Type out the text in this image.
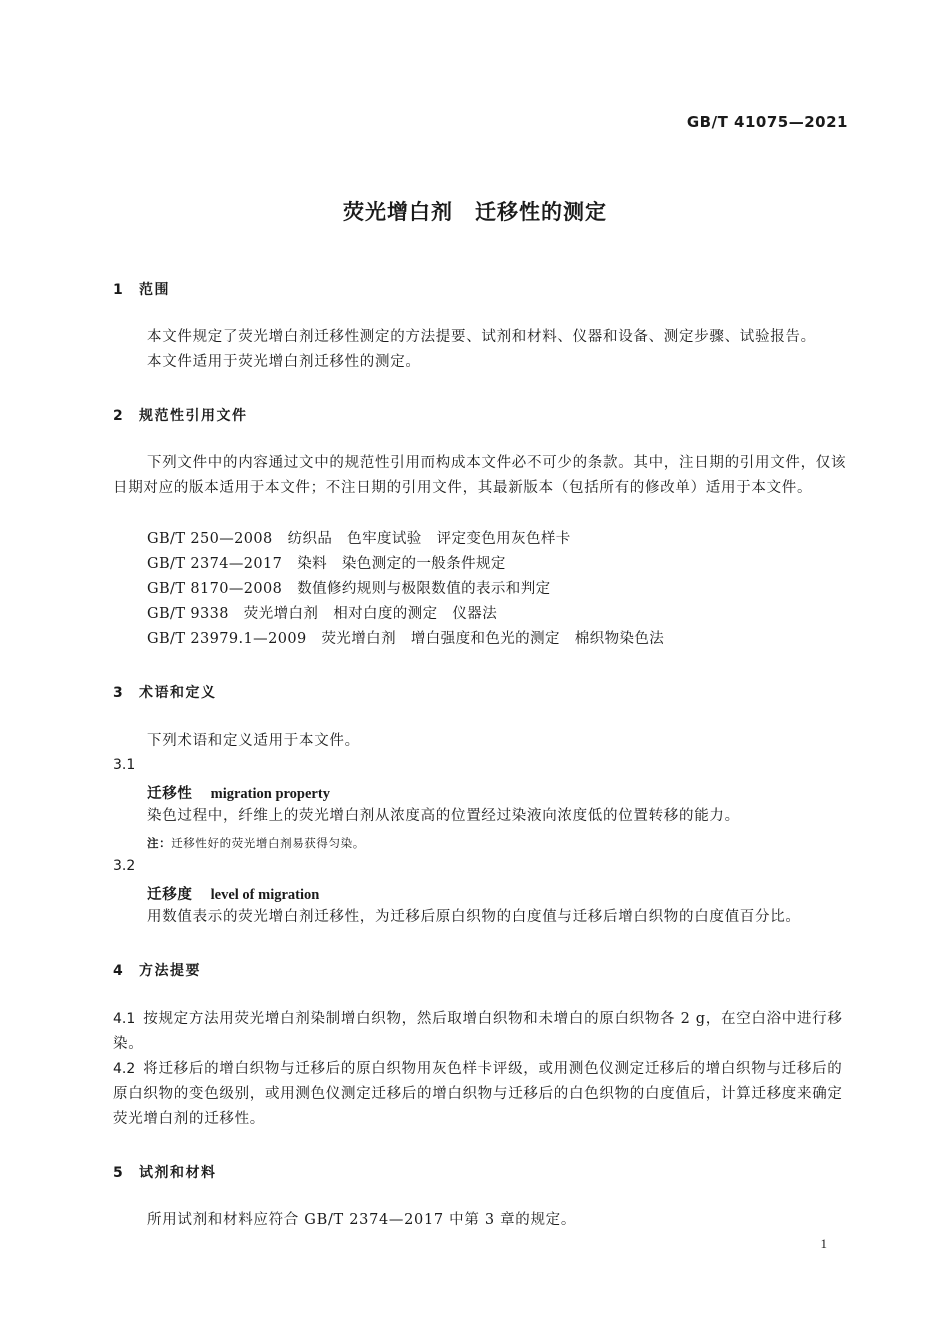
GB/T 41075—2021
荧光增白剂　迁移性的测定
1 范围
本文件规定了荧光增白剂迁移性测定的方法提要、试剂和材料、仪器和设备、测定步骤、试验报告。
本文件适用于荧光增白剂迁移性的测定。
2 规范性引用文件
下列文件中的内容通过文中的规范性引用而构成本文件必不可少的条款。其中，注日期的引用文件，仅该日期对应的版本适用于本文件；不注日期的引用文件，其最新版本（包括所有的修改单）适用于本文件。
GB/T 250—2008　纺织品　色牢度试验　评定变色用灰色样卡
GB/T 2374—2017　染料　染色测定的一般条件规定
GB/T 8170—2008　数值修约规则与极限数值的表示和判定
GB/T 9338　荧光增白剂　相对白度的测定　仪器法
GB/T 23979.1—2009　荧光增白剂　增白强度和色光的测定　棉织物染色法
3 术语和定义
下列术语和定义适用于本文件。
3.1
迁移性 migration property
染色过程中，纤维上的荧光增白剂从浓度高的位置经过染液向浓度低的位置转移的能力。
注：迁移性好的荧光增白剂易获得匀染。
3.2
迁移度 level of migration
用数值表示的荧光增白剂迁移性，为迁移后原白织物的白度值与迁移后增白织物的白度值百分比。
4 方法提要
4.1 按规定方法用荧光增白剂染制增白织物，然后取增白织物和未增白的原白织物各 2 g，在空白浴中进行移染。
4.2 将迁移后的增白织物与迁移后的原白织物用灰色样卡评级，或用测色仪测定迁移后的增白织物与迁移后的原白织物的变色级别，或用测色仪测定迁移后的增白织物与迁移后的白色织物的白度值后，计算迁移度来确定荧光增白剂的迁移性。
5 试剂和材料
所用试剂和材料应符合 GB/T 2374—2017 中第 3 章的规定。
1
